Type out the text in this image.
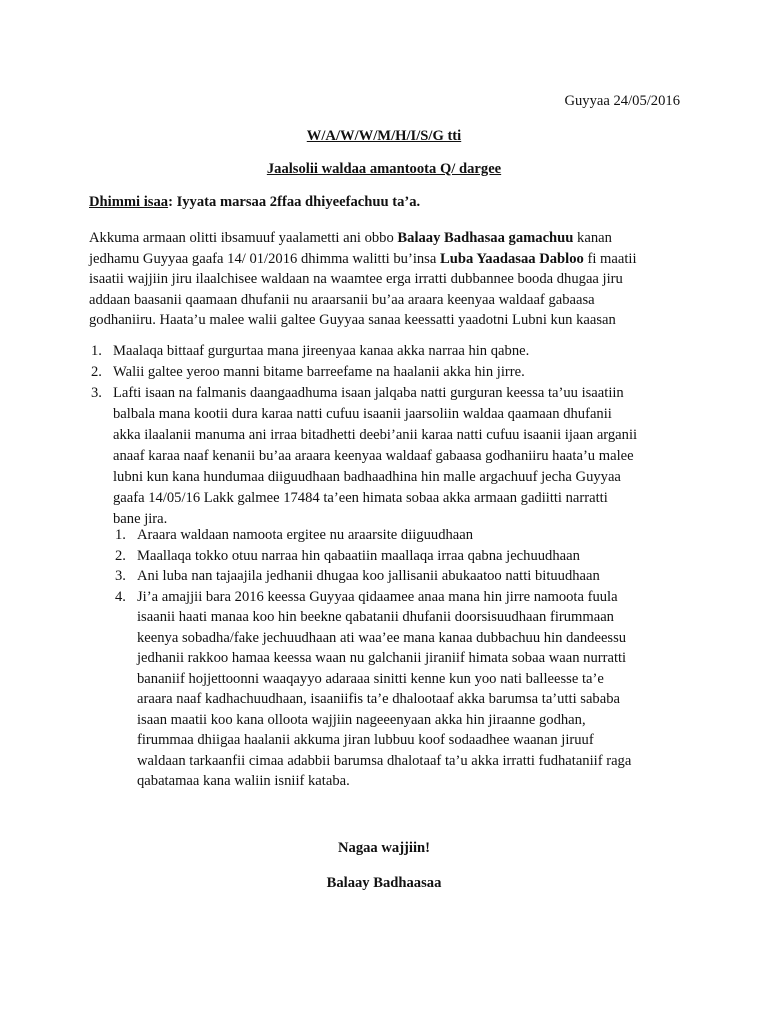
Guyyaa 24/05/2016
W/A/W/W/M/H/I/S/G tti
Jaalsolii waldaa amantoota Q/ dargee
Dhimmi isaa: Iyyata marsaa 2ffaa dhiyeefachuu ta’a.
Akkuma armaan olitti ibsamuuf yaalametti ani obbo Balaay Badhasaa gamachuu kanan
jedhamu Guyyaa gaafa 14/ 01/2016 dhimma walitti bu’insa Luba Yaadasaa Dabloo fi maatii
isaatii wajjiin jiru ilaalchisee waldaan na waamtee erga irratti dubbannee booda dhugaa jiru
addaan baasanii qaamaan dhufanii nu araarsanii bu’aa araara keenyaa waldaaf gabaasa
godhaniiru. Haata’u malee walii galtee Guyyaa sanaa keessatti yaadotni Lubni kun kaasan
1. Maalaqa bittaaf gurgurtaa mana jireenyaa kanaa akka narraa hin qabne.
2. Walii galtee yeroo manni bitame barreefame na haalanii akka hin jirre.
3. Lafti isaan na falmanis daangaadhuma isaan jalqaba natti gurguran keessa ta’uu isaatiin
balbala mana kootii dura karaa natti cufuu isaanii jaarsoliin waldaa qaamaan dhufanii
akka ilaalanii manuma ani irraa bitadhetti deebi’anii karaa natti cufuu isaanii ijaan arganii
anaaf karaa naaf kenanii bu’aa araara keenyaa waldaaf gabaasa godhaniiru haata’u malee
lubni kun kana hundumaa diiguudhaan badhaadhina hin malle argachuuf jecha Guyyaa
gaafa 14/05/16 Lakk galmee 17484 ta’een himata sobaa akka armaan gadiitti narratti
bane jira.
1. Araara waldaan namoota ergitee nu araarsite diiguudhaan
2. Maallaqa tokko otuu narraa hin qabaatiin maallaqa irraa qabna jechuudhaan
3. Ani luba nan tajaajila jedhanii dhugaa koo jallisanii abukaatoo natti bituudhaan
4. Ji’a amajjii bara 2016 keessa Guyyaa qidaamee anaa mana hin jirre namoota fuula
isaanii haati manaa koo hin beekne qabatanii dhufanii doorsisuudhaan firummaan
keenya sobadha/fake jechuudhaan ati waa’ee mana kanaa dubbachuu hin dandeessu
jedhanii rakkoo hamaa keessa waan nu galchanii jiraniif himata sobaa waan nurratti
bananiif hojjettoonni waaqayyo adaraaa sinitti kenne kun yoo nati balleesse ta’e
araara naaf kadhachuudhaan, isaaniifis ta’e dhalootaaf akka barumsa ta’utti sababa
isaan maatii koo kana olloota wajjiin nageeenyaan akka hin jiraanne godhan,
firummaa dhiigaa haalanii akkuma jiran lubbuu koof sodaadhee waanan jiruuf
waldaan tarkaanfii cimaa adabbii barumsa dhalotaaf ta’u akka irratti fudhataniif raga
qabatamaa kana waliin isniif kataba.
Nagaa wajjiin!
Balaay Badhaasaa
